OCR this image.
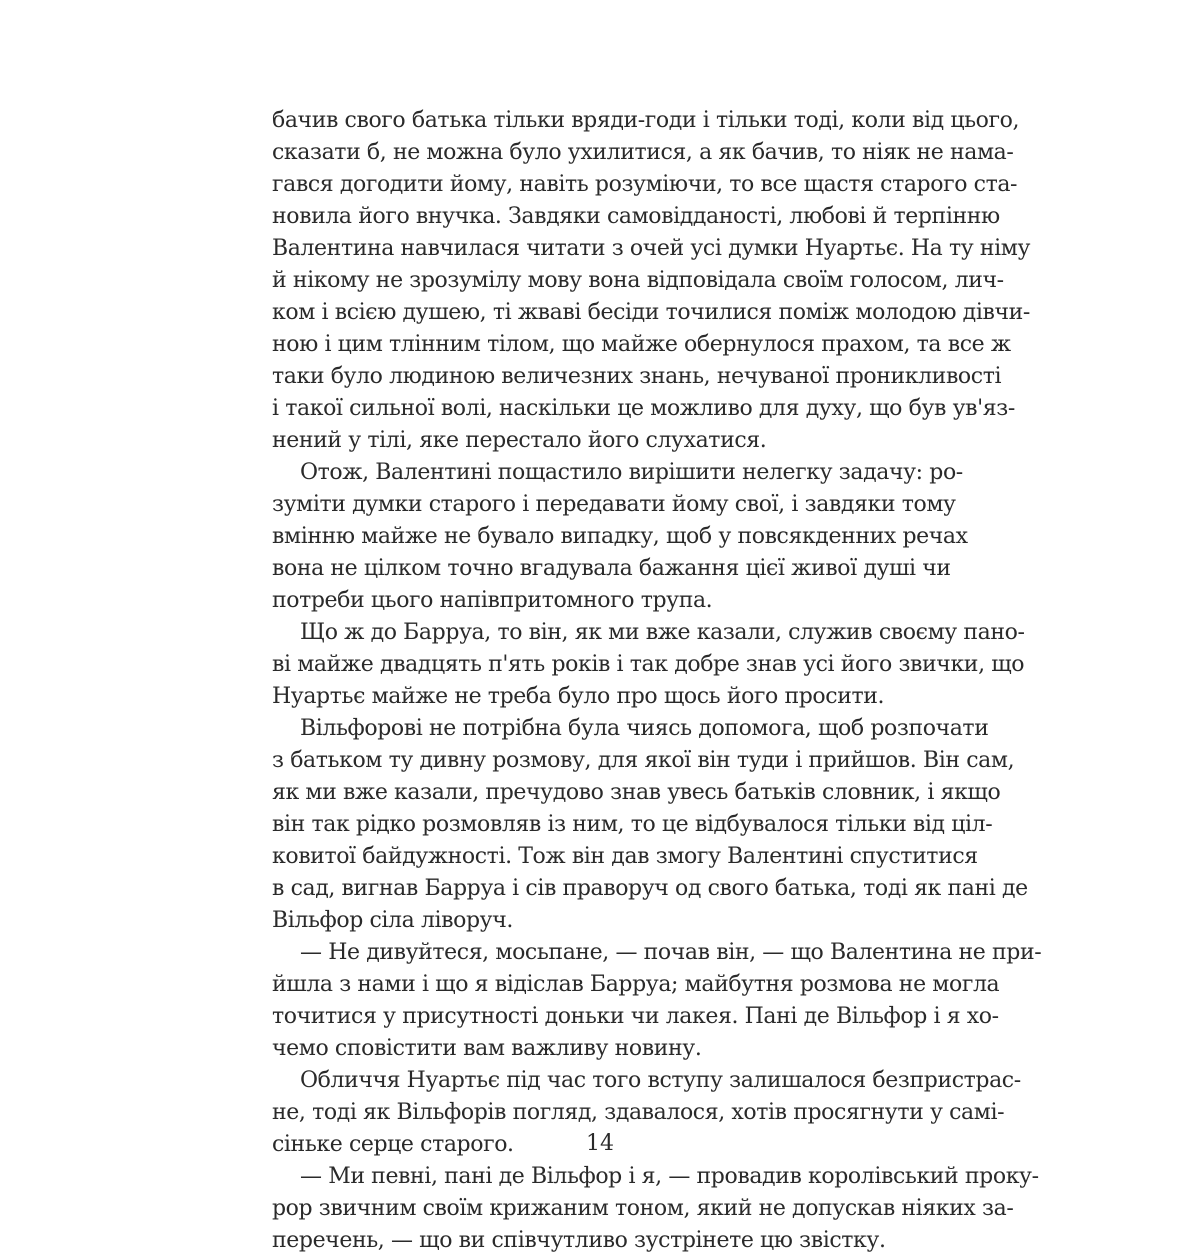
бачив свого батька тільки вряди-годи і тільки тоді, коли від цього,
сказати б, не можна було ухилитися, а як бачив, то ніяк не нама-
гався догодити йому, навіть розуміючи, то все щастя старого ста-
новила його внучка. Завдяки самовідданості, любові й терпінню
Валентина навчилася читати з очей усі думки Нуартьє. На ту німу
й нікому не зрозумілу мову вона відповідала своїм голосом, лич-
ком і всією душею, ті жваві бесіди точилися поміж молодою дівчи-
ною і цим тлінним тілом, що майже обернулося прахом, та все ж
таки було людиною величезних знань, нечуваної проникливості
і такої сильної волі, наскільки це можливо для духу, що був ув'яз-
нений у тілі, яке перестало його слухатися.
Отож, Валентині пощастило вирішити нелегку задачу: ро-
зуміти думки старого і передавати йому свої, і завдяки тому
вмінню майже не бувало випадку, щоб у повсякденних речах
вона не цілком точно вгадувала бажання цієї живої душі чи
потреби цього напівпритомного трупа.
Що ж до Барруа, то він, як ми вже казали, служив своєму пано-
ві майже двадцять п'ять років і так добре знав усі його звички, що
Нуартьє майже не треба було про щось його просити.
Вільфорові не потрібна була чиясь допомога, щоб розпочати
з батьком ту дивну розмову, для якої він туди і прийшов. Він сам,
як ми вже казали, пречудово знав увесь батьків словник, і якщо
він так рідко розмовляв із ним, то це відбувалося тільки від ціл-
ковитої байдужності. Тож він дав змогу Валентині спуститися
в сад, вигнав Барруа і сів праворуч од свого батька, тоді як пані де
Вільфор сіла ліворуч.
— Не дивуйтеся, мосьпане, — почав він, — що Валентина не при-
йшла з нами і що я відіслав Барруа; майбутня розмова не могла
точитися у присутності доньки чи лакея. Пані де Вільфор і я хо-
чемо сповістити вам важливу новину.
Обличчя Нуартьє під час того вступу залишалося безпристрас-
не, тоді як Вільфорів погляд, здавалося, хотів просягнути у самі-
сіньке серце старого.
— Ми певні, пані де Вільфор і я, — провадив королівський проку-
рор звичним своїм крижаним тоном, який не допускав ніяких за-
перечень, — що ви співчутливо зустрінете цю звістку.
14
